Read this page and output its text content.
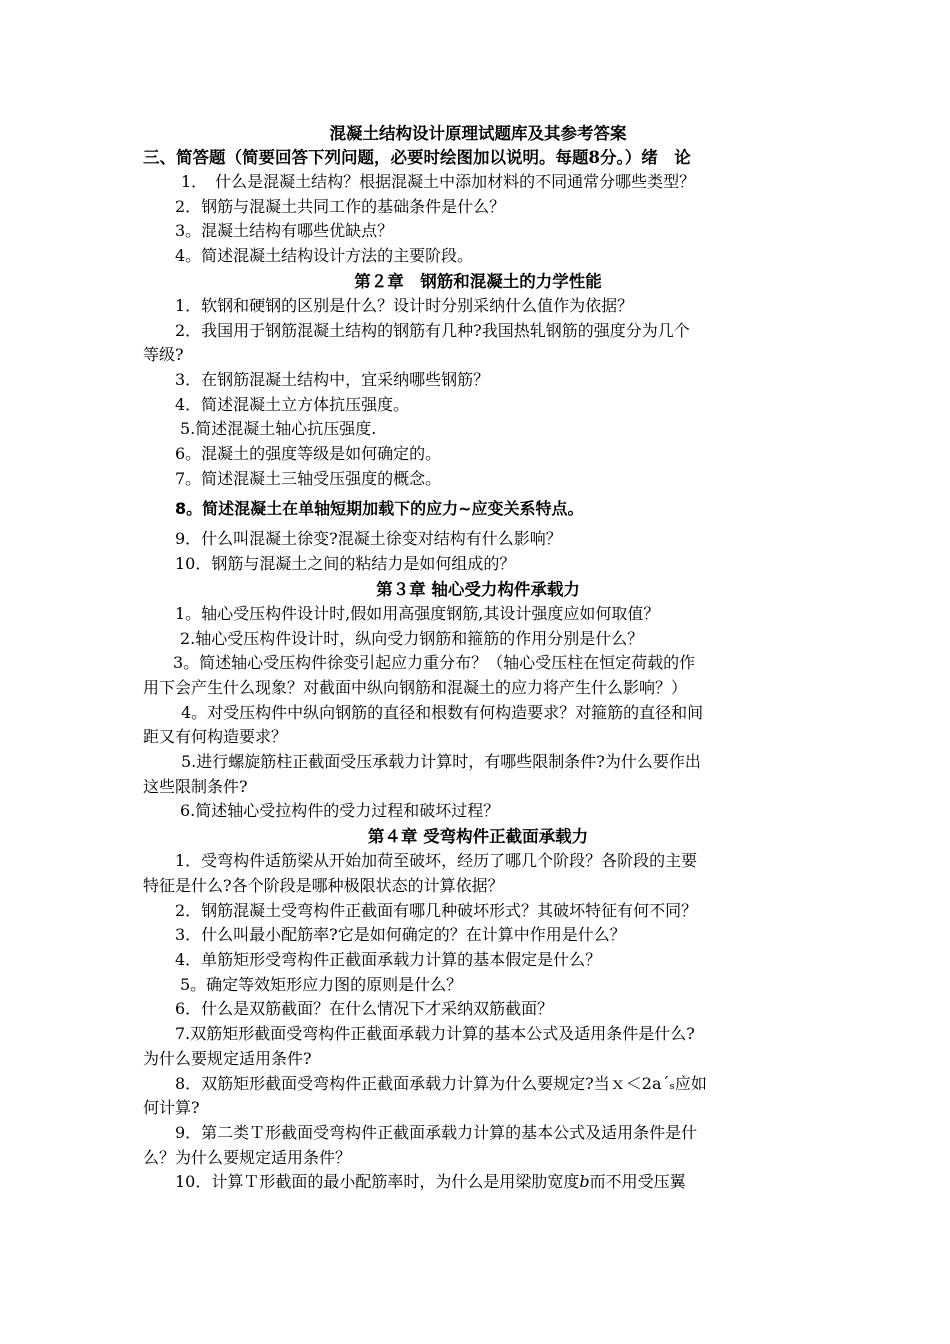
混凝土结构设计原理试题库及其参考答案

三、简答题（简要回答下列问题，必要时绘图加以说明。每题8分。）绪　论

1．　什么是混凝土结构？根据混凝土中添加材料的不同通常分哪些类型？

2．钢筋与混凝土共同工作的基础条件是什么？

3。混凝土结构有哪些优缺点？

4。简述混凝土结构设计方法的主要阶段。

第２章　钢筋和混凝土的力学性能

1．软钢和硬钢的区别是什么？设计时分别采纳什么值作为依据？

2．我国用于钢筋混凝土结构的钢筋有几种?我国热轧钢筋的强度分为几个

等级?

3．在钢筋混凝土结构中，宜采纳哪些钢筋？

4．简述混凝土立方体抗压强度。

5.简述混凝土轴心抗压强度.

6。混凝土的强度等级是如何确定的。

7。简述混凝土三轴受压强度的概念。

8。简述混凝土在单轴短期加载下的应力~应变关系特点。

9．什么叫混凝土徐变?混凝土徐变对结构有什么影响？

10．钢筋与混凝土之间的粘结力是如何组成的？

第３章 轴心受力构件承载力

1。轴心受压构件设计时,假如用高强度钢筋,其设计强度应如何取值？

2.轴心受压构件设计时，纵向受力钢筋和箍筋的作用分别是什么？

3。简述轴心受压构件徐变引起应力重分布？（轴心受压柱在恒定荷载的作

用下会产生什么现象？对截面中纵向钢筋和混凝土的应力将产生什么影响？）

4。对受压构件中纵向钢筋的直径和根数有何构造要求？对箍筋的直径和间

距又有何构造要求？

5.进行螺旋筋柱正截面受压承载力计算时，有哪些限制条件?为什么要作出

这些限制条件?

6.简述轴心受拉构件的受力过程和破坏过程？

第４章 受弯构件正截面承载力

1．受弯构件适筋梁从开始加荷至破坏，经历了哪几个阶段？各阶段的主要

特征是什么?各个阶段是哪种极限状态的计算依据？

2．钢筋混凝土受弯构件正截面有哪几种破坏形式？其破坏特征有何不同？

3．什么叫最小配筋率?它是如何确定的？在计算中作用是什么？

4．单筋矩形受弯构件正截面承载力计算的基本假定是什么？

5。确定等效矩形应力图的原则是什么？

6．什么是双筋截面？在什么情况下才采纳双筋截面？

7.双筋矩形截面受弯构件正截面承载力计算的基本公式及适用条件是什么?

为什么要规定适用条件?

8．双筋矩形截面受弯构件正截面承载力计算为什么要规定?当ｘ＜2a΄ₛ应如

何计算?

9．第二类Ｔ形截面受弯构件正截面承载力计算的基本公式及适用条件是什

么？为什么要规定适用条件？

10．计算Ｔ形截面的最小配筋率时，为什么是用梁肋宽度b而不用受压翼
